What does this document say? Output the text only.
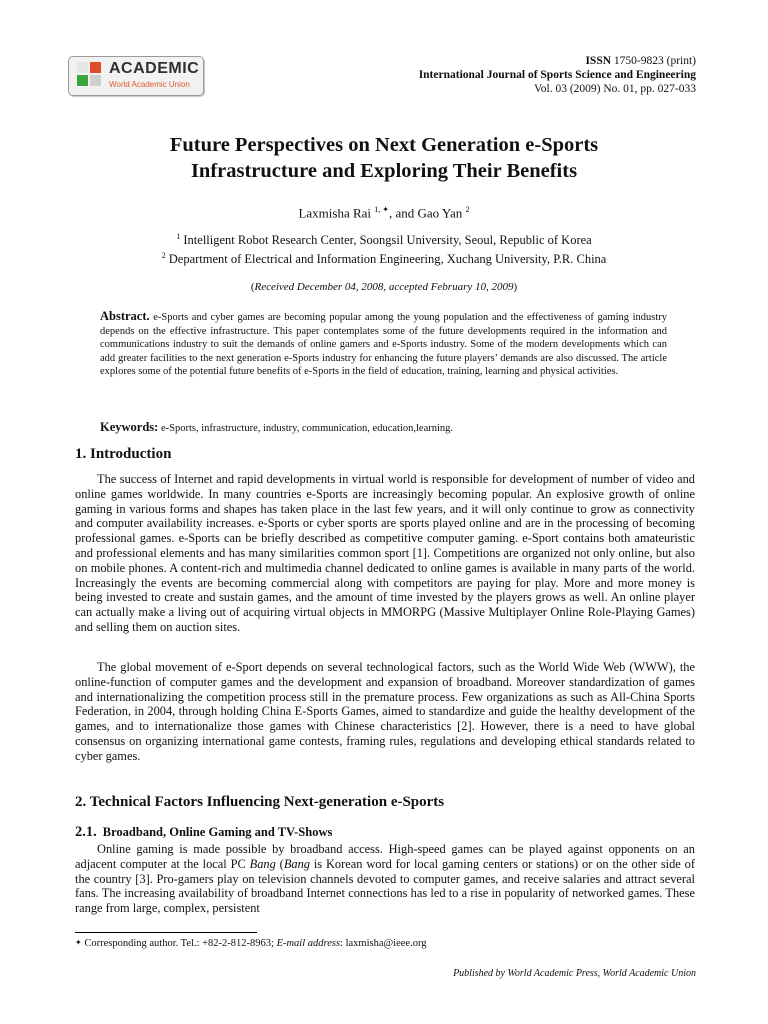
ACADEMIC
World Academic Union
ISSN 1750-9823 (print)
International Journal of Sports Science and Engineering
Vol. 03 (2009) No. 01, pp. 027-033
Future Perspectives on Next Generation e-Sports
Infrastructure and Exploring Their Benefits
Laxmisha Rai $^{1, ✦}$, and Gao Yan $^2$
$^1$ Intelligent Robot Research Center, Soongsil University, Seoul, Republic of Korea
$^2$ Department of Electrical and Information Engineering, Xuchang University, P.R. China
(Received December 04, 2008, accepted February 10, 2009)
Abstract. e-Sports and cyber games are becoming popular among the young population and the effectiveness of gaming industry depends on the effective infrastructure. This paper contemplates some of the future developments required in the information and communications industry to suit the demands of online gamers and e-Sports industry. Some of the modern developments which can add greater facilities to the next generation e-Sports industry for enhancing the future players’ demands are also discussed. The article explores some of the potential future benefits of e-Sports in the field of education, training, learning and physical activities.
Keywords: e-Sports, infrastructure, industry, communication, education,learning.
1. Introduction

The success of Internet and rapid developments in virtual world is responsible for development of number of video and online games worldwide. In many countries e-Sports are increasingly becoming popular. An explosive growth of online gaming in various forms and shapes has taken place in the last few years, and it will only continue to grow as connectivity and computer availability increases. e-Sports or cyber sports are sports played online and are in the processing of becoming professional games. e-Sports can be briefly described as competitive computer gaming. e-Sport contains both amateuristic and professional elements and has many similarities common sport [1]. Competitions are organized not only online, but also on mobile phones. A content-rich and multimedia channel dedicated to online games is available in many parts of the world. Increasingly the events are becoming commercial along with competitors are paying for play. More and more money is being invested to create and sustain games, and the amount of time invested by the players grows as well. An online player can actually make a living out of acquiring virtual objects in MMORPG (Massive Multiplayer Online Role-Playing Games) and selling them on auction sites.

The global movement of e-Sport depends on several technological factors, such as the World Wide Web (WWW), the online-function of computer games and the development and expansion of broadband. Moreover standardization of games and internationalizing the competition process still in the premature process. Few organizations as such as All-China Sports Federation, in 2004, through holding China E-Sports Games, aimed to standardize and guide the healthy development of the games, and to internationalize those games with Chinese characteristics [2]. However, there is a need to have global consensus on organizing international game contests, framing rules, regulations and developing ethical standards related to cyber games.

2. Technical Factors Influencing Next-generation e-Sports
2.1. Broadband, Online Gaming and TV-Shows

Online gaming is made possible by broadband access. High-speed games can be played against opponents on an adjacent computer at the local PC Bang (Bang is Korean word for local gaming centers or stations) or on the other side of the country [3]. Pro-gamers play on television channels devoted to computer games, and receive salaries and attract several fans. The increasing availability of broadband Internet connections has led to a rise in popularity of networked games. These range from large, complex, persistent

✦ Corresponding author. Tel.: +82-2-812-8963; E-mail address: laxmisha@ieee.org
Published by World Academic Press, World Academic Union
